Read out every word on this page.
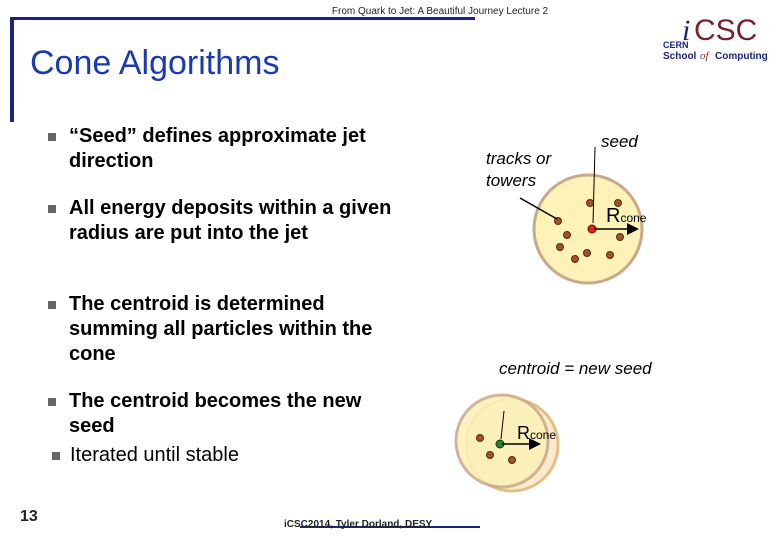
From Quark to Jet: A Beautiful Journey Lecture 2
Cone Algorithms
i CSC
CERN
School of Computing
“Seed” defines approximate jet direction
All energy deposits within a given radius are put into the jet
The centroid is determined summing all particles within the cone
The centroid becomes the new seed
Iterated until stable
seed
tracks or towers
Rcone
centroid = new seed
Rcone
13	iCSC2014, Tyler Dorland, DESY
